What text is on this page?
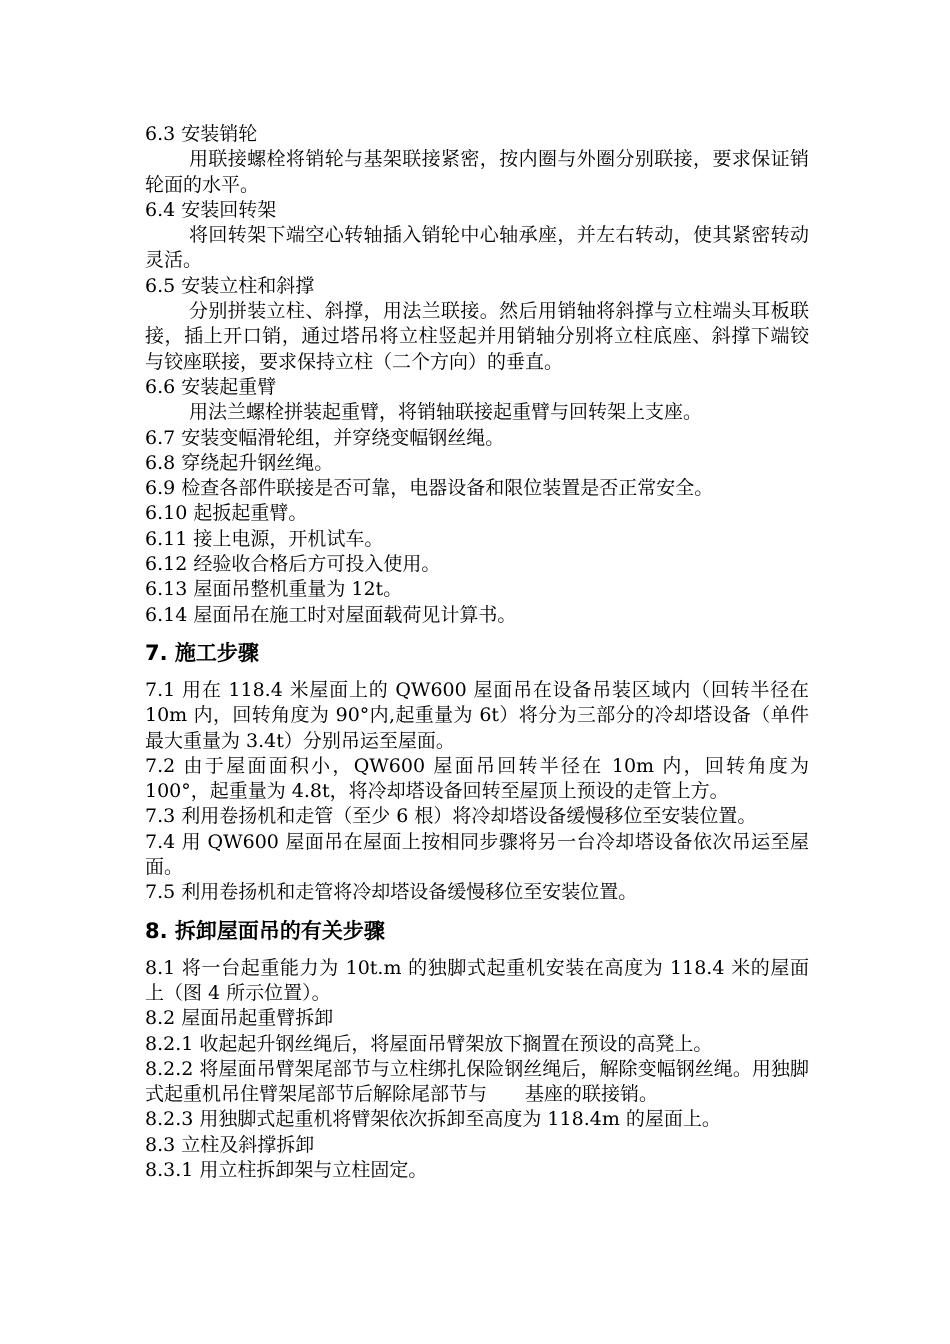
6.3 安装销轮

用联接螺栓将销轮与基架联接紧密，按内圈与外圈分别联接，要求保证销轮面的水平。

6.4 安装回转架

将回转架下端空心转轴插入销轮中心轴承座，并左右转动，使其紧密转动灵活。

6.5 安装立柱和斜撑

分别拼装立柱、斜撑，用法兰联接。然后用销轴将斜撑与立柱端头耳板联接，插上开口销，通过塔吊将立柱竖起并用销轴分别将立柱底座、斜撑下端铰与铰座联接，要求保持立柱（二个方向）的垂直。

6.6 安装起重臂

用法兰螺栓拼装起重臂，将销轴联接起重臂与回转架上支座。

6.7 安装变幅滑轮组，并穿绕变幅钢丝绳。

6.8 穿绕起升钢丝绳。

6.9 检查各部件联接是否可靠，电器设备和限位装置是否正常安全。

6.10 起扳起重臂。

6.11 接上电源，开机试车。

6.12 经验收合格后方可投入使用。

6.13 屋面吊整机重量为 12t。

6.14 屋面吊在施工时对屋面载荷见计算书。

7. 施工步骤

7.1 用在 118.4 米屋面上的 QW600 屋面吊在设备吊装区域内（回转半径在 10m 内，回转角度为 90°内,起重量为 6t）将分为三部分的冷却塔设备（单件最大重量为 3.4t）分别吊运至屋面。

7.2 由于屋面面积小，QW600 屋面吊回转半径在 10m 内，回转角度为 100°，起重量为 4.8t，将冷却塔设备回转至屋顶上预设的走管上方。

7.3 利用卷扬机和走管（至少 6 根）将冷却塔设备缓慢移位至安装位置。

7.4 用 QW600 屋面吊在屋面上按相同步骤将另一台冷却塔设备依次吊运至屋面。

7.5 利用卷扬机和走管将冷却塔设备缓慢移位至安装位置。

8. 拆卸屋面吊的有关步骤

8.1 将一台起重能力为 10t.m 的独脚式起重机安装在高度为 118.4 米的屋面上（图 4 所示位置）。

8.2 屋面吊起重臂拆卸

8.2.1 收起起升钢丝绳后，将屋面吊臂架放下搁置在预设的高凳上。

8.2.2 将屋面吊臂架尾部节与立柱绑扎保险钢丝绳后，解除变幅钢丝绳。用独脚式起重机吊住臂架尾部节后解除尾部节与　　基座的联接销。

8.2.3 用独脚式起重机将臂架依次拆卸至高度为 118.4m 的屋面上。

8.3 立柱及斜撑拆卸

8.3.1 用立柱拆卸架与立柱固定。
